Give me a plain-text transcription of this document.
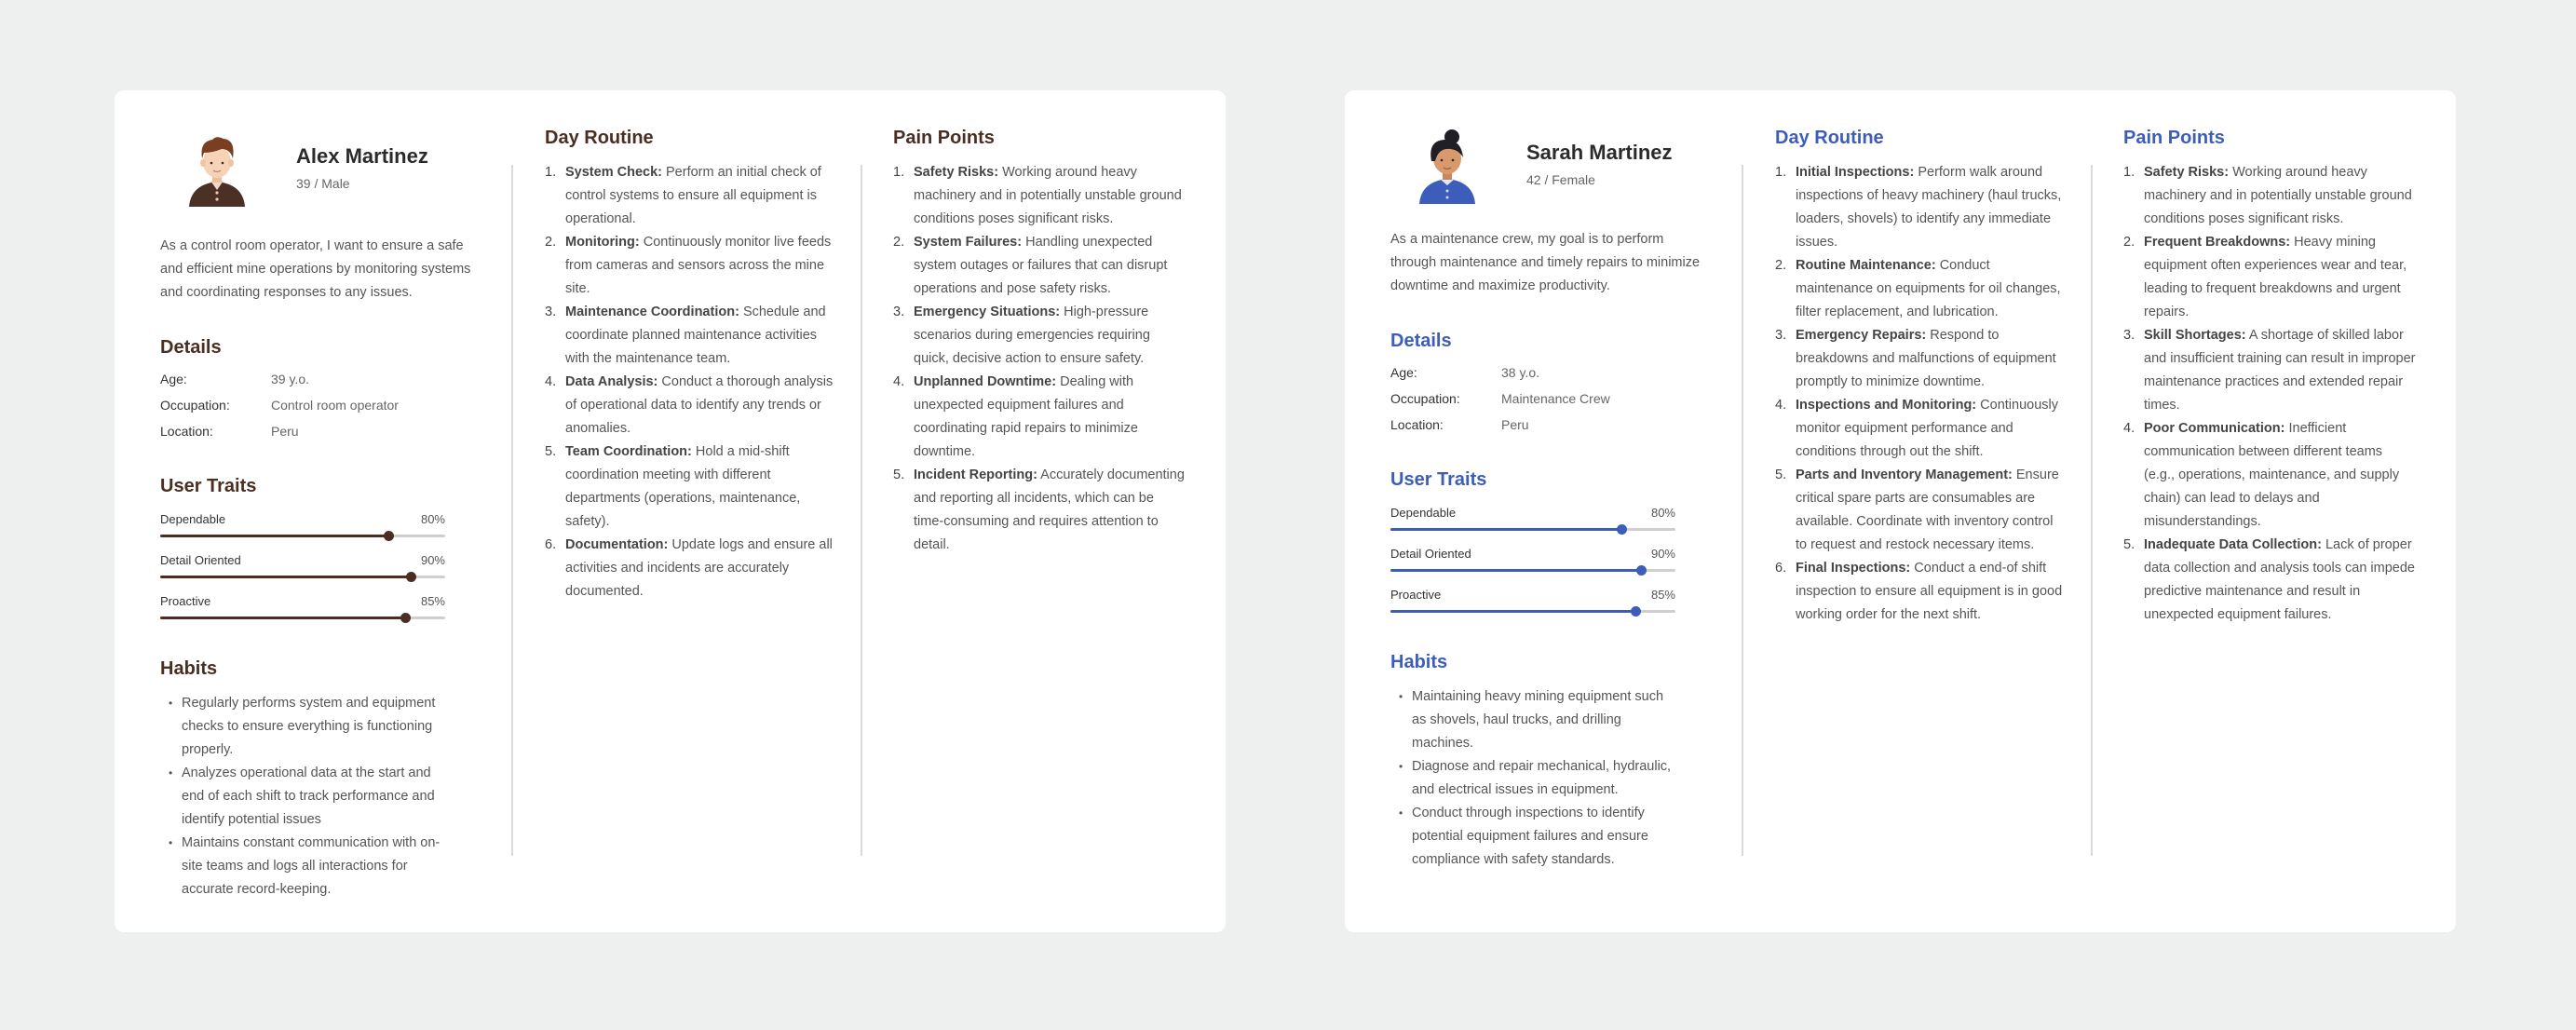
Alex Martinez
39 / Male
As a control room operator, I want to ensure a safe and efficient mine operations by monitoring systems and coordinating responses to any issues.
Details
Age:	39 y.o.
Occupation:	Control room operator
Location:	Peru
User Traits
Dependable	80%
Detail Oriented	90%
Proactive	85%
Habits
• Regularly performs system and equipment checks to ensure everything is functioning properly.
• Analyzes operational data at the start and end of each shift to track performance and identify potential issues
• Maintains constant communication with on-site teams and logs all interactions for accurate record-keeping.
Day Routine
1. System Check: Perform an initial check of control systems to ensure all equipment is operational.
2. Monitoring: Continuously monitor live feeds from cameras and sensors across the mine site.
3. Maintenance Coordination: Schedule and coordinate planned maintenance activities with the maintenance team.
4. Data Analysis: Conduct a thorough analysis of operational data to identify any trends or anomalies.
5. Team Coordination: Hold a mid-shift coordination meeting with different departments (operations, maintenance, safety).
6. Documentation: Update logs and ensure all activities and incidents are accurately documented.
Pain Points
1. Safety Risks: Working around heavy machinery and in potentially unstable ground conditions poses significant risks.
2. System Failures: Handling unexpected system outages or failures that can disrupt operations and pose safety risks.
3. Emergency Situations: High-pressure scenarios during emergencies requiring quick, decisive action to ensure safety.
4. Unplanned Downtime: Dealing with unexpected equipment failures and coordinating rapid repairs to minimize downtime.
5. Incident Reporting: Accurately documenting and reporting all incidents, which can be time-consuming and requires attention to detail.
Sarah Martinez
42 / Female
As a maintenance crew, my goal is to perform through maintenance and timely repairs to minimize downtime and maximize productivity.
Details
Age:	38 y.o.
Occupation:	Maintenance Crew
Location:	Peru
User Traits
Dependable	80%
Detail Oriented	90%
Proactive	85%
Habits
• Maintaining heavy mining equipment such as shovels, haul trucks, and drilling machines.
• Diagnose and repair mechanical, hydraulic, and electrical issues in equipment.
• Conduct through inspections to identify potential equipment failures and ensure compliance with safety standards.
Day Routine
1. Initial Inspections: Perform walk around inspections of heavy machinery (haul trucks, loaders, shovels) to identify any immediate issues.
2. Routine Maintenance: Conduct maintenance on equipments for oil changes, filter replacement, and lubrication.
3. Emergency Repairs: Respond to breakdowns and malfunctions of equipment promptly to minimize downtime.
4. Inspections and Monitoring: Continuously monitor equipment performance and conditions through out the shift.
5. Parts and Inventory Management: Ensure critical spare parts are consumables are available. Coordinate with inventory control to request and restock necessary items.
6. Final Inspections: Conduct a end-of shift inspection to ensure all equipment is in good working order for the next shift.
Pain Points
1. Safety Risks: Working around heavy machinery and in potentially unstable ground conditions poses significant risks.
2. Frequent Breakdowns: Heavy mining equipment often experiences wear and tear, leading to frequent breakdowns and urgent repairs.
3. Skill Shortages: A shortage of skilled labor and insufficient training can result in improper maintenance practices and extended repair times.
4. Poor Communication: Inefficient communication between different teams (e.g., operations, maintenance, and supply chain) can lead to delays and misunderstandings.
5. Inadequate Data Collection: Lack of proper data collection and analysis tools can impede predictive maintenance and result in unexpected equipment failures.
